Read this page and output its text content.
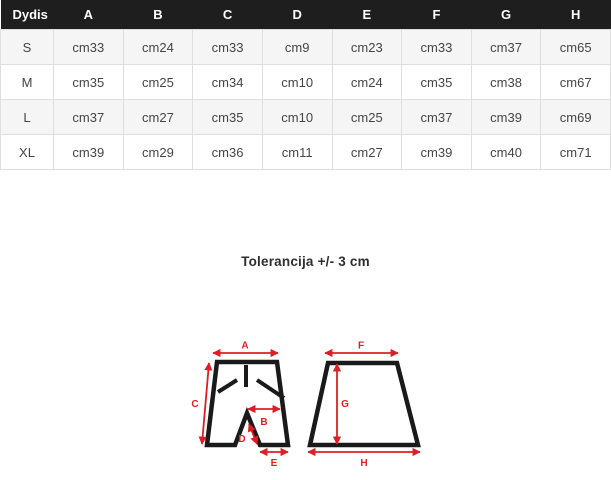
Dydis	A	B	C	D	E	F	G	H
S	cm33	cm24	cm33	cm9	cm23	cm33	cm37	cm65
M	cm35	cm25	cm34	cm10	cm24	cm35	cm38	cm67
L	cm37	cm27	cm35	cm10	cm25	cm37	cm39	cm69
XL	cm39	cm29	cm36	cm11	cm27	cm39	cm40	cm71
Tolerancija +/- 3 cm
A
B
C
D
E
F
G
H
